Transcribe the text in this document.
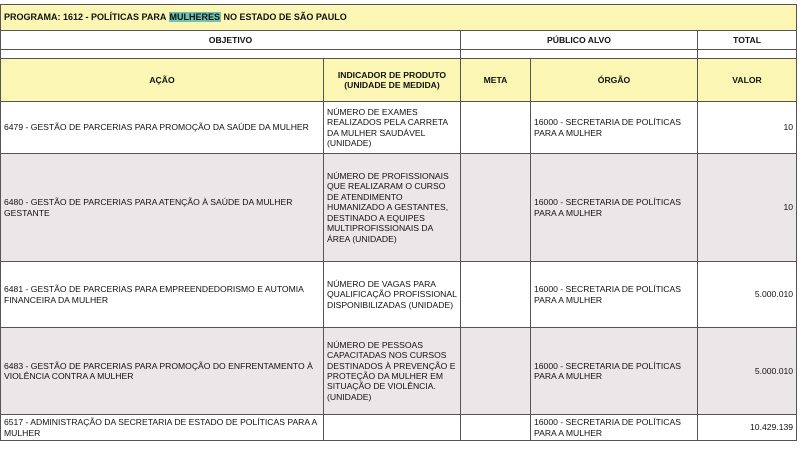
PROGRAMA: 1612 - POLÍTICAS PARA MULHERES NO ESTADO DE SÃO PAULO				
OBJETIVO		PÚBLICO ALVO		TOTAL

AÇÃO	INDICADOR DE PRODUTO (UNIDADE DE MEDIDA)	META	ÓRGÃO	VALOR
6479 - GESTÃO DE PARCERIAS PARA PROMOÇÃO DA SAÚDE DA MULHER	NÚMERO DE EXAMES REALIZADOS PELA CARRETA DA MULHER SAUDÁVEL (UNIDADE)		16000 - SECRETARIA DE POLÍTICAS PARA A MULHER	10
6480 - GESTÃO DE PARCERIAS PARA ATENÇÃO À SAÚDE DA MULHER GESTANTE	NÚMERO DE PROFISSIONAIS QUE REALIZARAM O CURSO DE ATENDIMENTO HUMANIZADO A GESTANTES, DESTINADO A EQUIPES MULTIPROFISSIONAIS DA ÁREA (UNIDADE)		16000 - SECRETARIA DE POLÍTICAS PARA A MULHER	10
6481 - GESTÃO DE PARCERIAS PARA EMPREENDEDORISMO E AUTOMIA FINANCEIRA DA MULHER	NÚMERO DE VAGAS PARA QUALIFICAÇÃO PROFISSIONAL DISPONIBILIZADAS (UNIDADE)		16000 - SECRETARIA DE POLÍTICAS PARA A MULHER	5.000.010
6483 - GESTÃO DE PARCERIAS PARA PROMOÇÃO DO ENFRENTAMENTO À VIOLÊNCIA CONTRA A MULHER	NÚMERO DE PESSOAS CAPACITADAS NOS CURSOS DESTINADOS À PREVENÇÃO E PROTEÇÃO DA MULHER EM SITUAÇÃO DE VIOLÊNCIA. (UNIDADE)		16000 - SECRETARIA DE POLÍTICAS PARA A MULHER	5.000.010
6517 - ADMINISTRAÇÃO DA SECRETARIA DE ESTADO DE POLÍTICAS PARA A MULHER			16000 - SECRETARIA DE POLÍTICAS PARA A MULHER	10.429.139
